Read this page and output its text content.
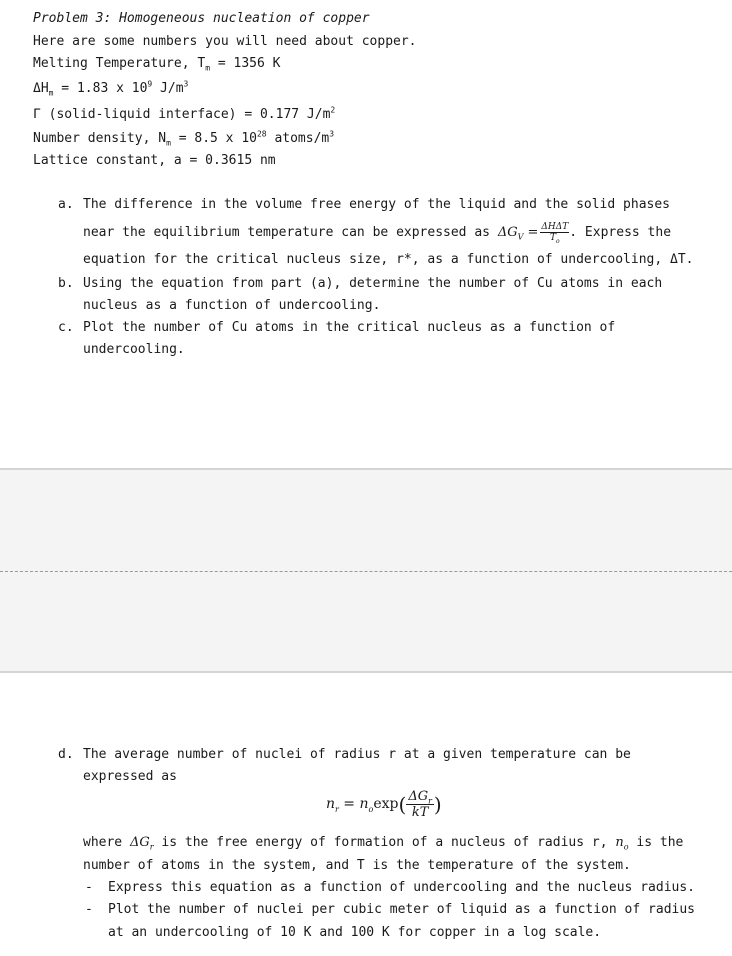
Problem 3: Homogeneous nucleation of copper
Here are some numbers you will need about copper.
Melting Temperature, $T_m = 1356$ K
$\Delta H_m = 1.83$ x $10^9$ $J/m^3$
Γ (solid-liquid interface) = 0.177 $J/m^2$
Number density, $N_m = 8.5$ x $10^{28}$ atoms/$m^3$
Lattice constant, a = 0.3615 nm
a. The difference in the volume free energy of the liquid and the solid phases
near the equilibrium temperature can be expressed as $\Delta G_V = \frac{\text{ΔHΔT}}{T_o}$ . Express the
equation for the critical nucleus size, r*, as a function of undercooling, ΔT.
b. Using the equation from part (a), determine the number of Cu atoms in each
nucleus as a function of undercooling.
c. Plot the number of Cu atoms in the critical nucleus as a function of
undercooling.
d. The average number of nuclei of radius r at a given temperature can be
expressed as
$n_r = n_o\exp( \frac{\Delta G_r}{kT}$ )
where $\Delta G_r$ is the free energy of formation of a nucleus of radius r, $n_o$ is the
number of atoms in the system, and T is the temperature of the system.
- Express this equation as a function of undercooling and the nucleus radius.
- Plot the number of nuclei per cubic meter of liquid as a function of radius
at an undercooling of 10 K and 100 K for copper in a log scale.
